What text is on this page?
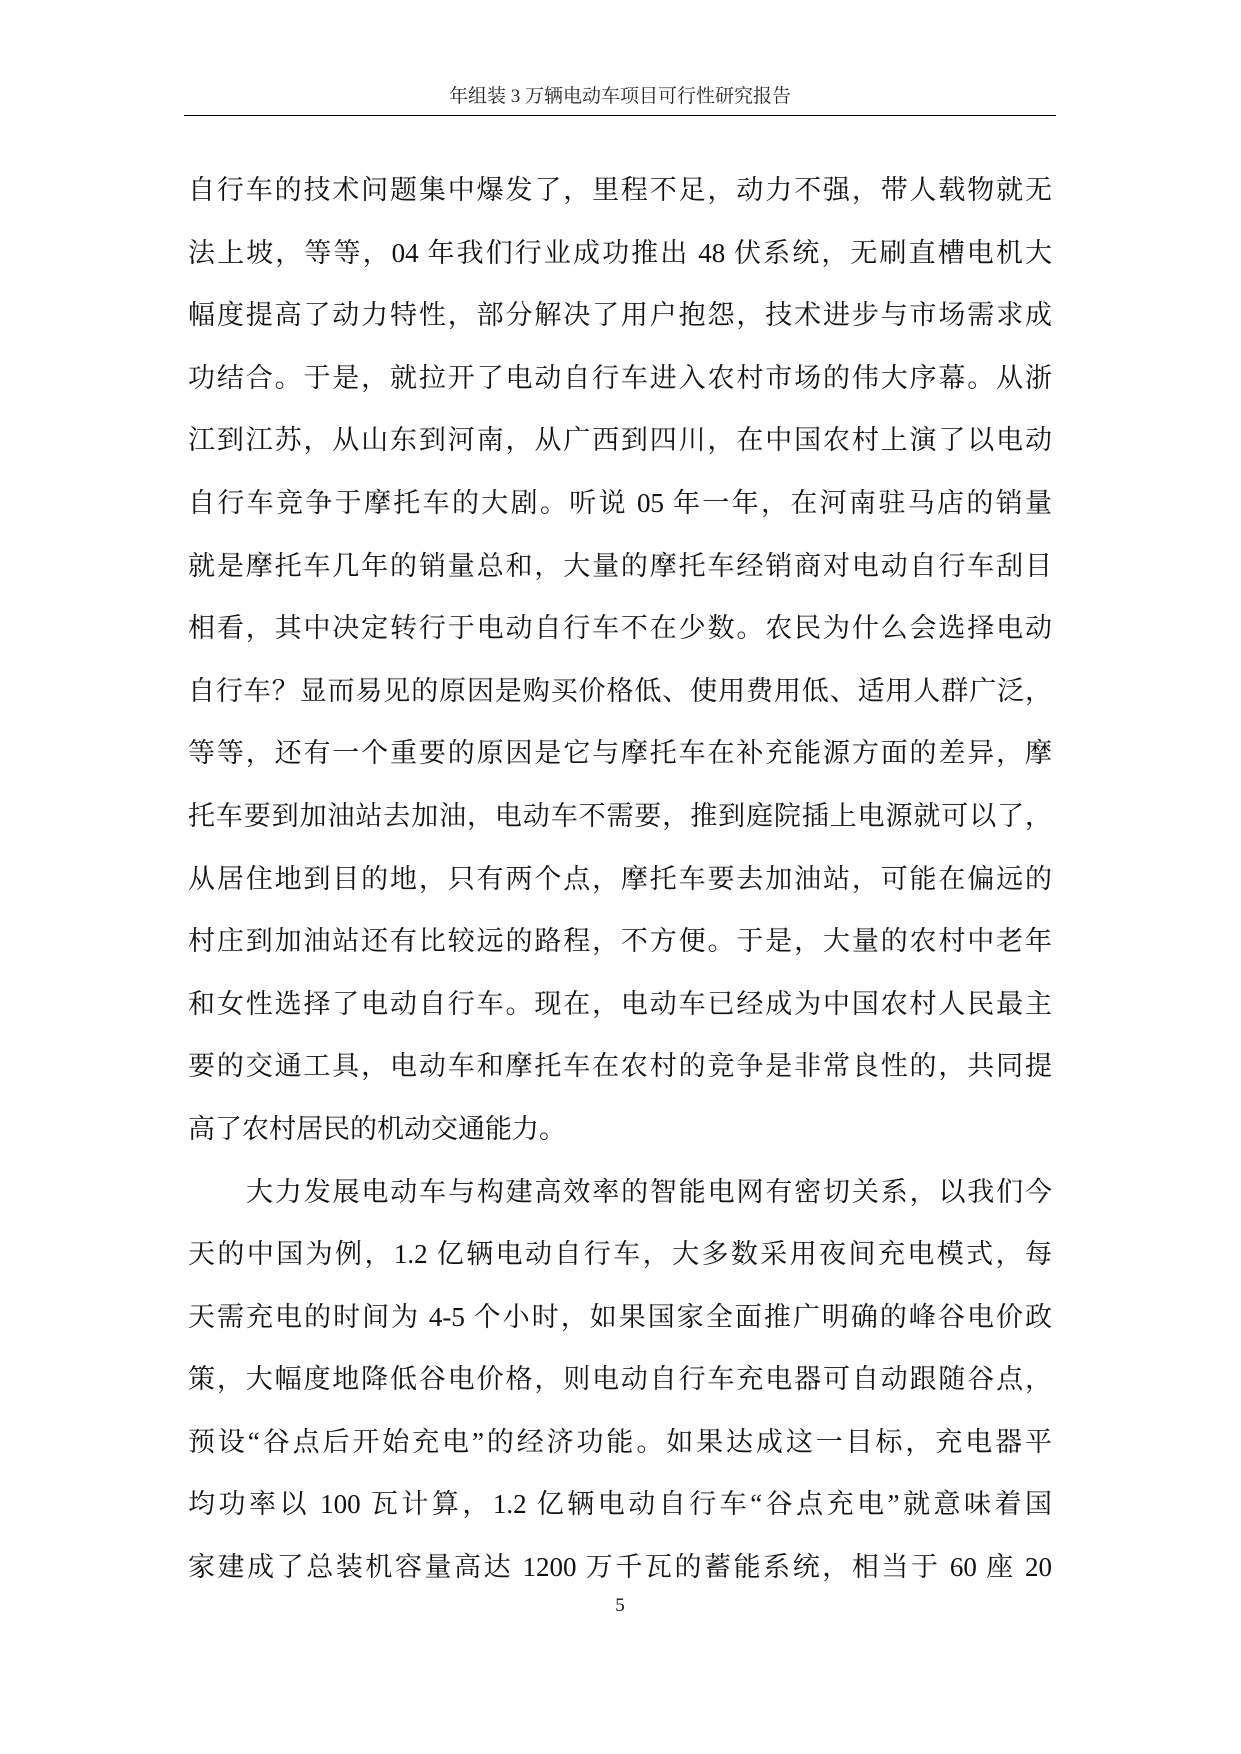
年组装 3 万辆电动车项目可行性研究报告
自行车的技术问题集中爆发了，里程不足，动力不强，带人载物就无
法上坡，等等，04 年我们行业成功推出 48 伏系统，无刷直槽电机大
幅度提高了动力特性，部分解决了用户抱怨，技术进步与市场需求成
功结合。于是，就拉开了电动自行车进入农村市场的伟大序幕。从浙
江到江苏，从山东到河南，从广西到四川，在中国农村上演了以电动
自行车竞争于摩托车的大剧。听说 05 年一年，在河南驻马店的销量
就是摩托车几年的销量总和，大量的摩托车经销商对电动自行车刮目
相看，其中决定转行于电动自行车不在少数。农民为什么会选择电动
自行车？显而易见的原因是购买价格低、使用费用低、适用人群广泛，
等等，还有一个重要的原因是它与摩托车在补充能源方面的差异，摩
托车要到加油站去加油，电动车不需要，推到庭院插上电源就可以了，
从居住地到目的地，只有两个点，摩托车要去加油站，可能在偏远的
村庄到加油站还有比较远的路程，不方便。于是，大量的农村中老年
和女性选择了电动自行车。现在，电动车已经成为中国农村人民最主
要的交通工具，电动车和摩托车在农村的竞争是非常良性的，共同提
高了农村居民的机动交通能力。
大力发展电动车与构建高效率的智能电网有密切关系，以我们今
天的中国为例，1.2 亿辆电动自行车，大多数采用夜间充电模式，每
天需充电的时间为 4-5 个小时，如果国家全面推广明确的峰谷电价政
策，大幅度地降低谷电价格，则电动自行车充电器可自动跟随谷点，
预设“谷点后开始充电”的经济功能。如果达成这一目标，充电器平
均功率以 100 瓦计算，1.2 亿辆电动自行车“谷点充电”就意味着国
家建成了总装机容量高达 1200 万千瓦的蓄能系统，相当于 60 座 20
5
